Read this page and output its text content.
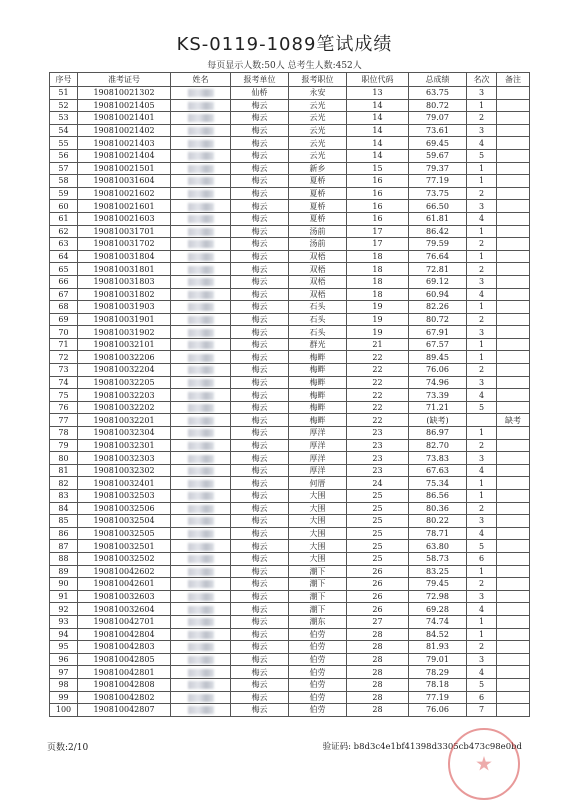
KS-0119-1089笔试成绩
每页显示人数:50人 总考生人数:452人
序号	准考证号	姓名	报考单位	报考职位	职位代码	总成绩	名次	备注
51	190810021302		仙桥	永安	13	63.75	3	
52	190810021405		梅云	云光	14	80.72	1	
53	190810021401		梅云	云光	14	79.07	2	
54	190810021402		梅云	云光	14	73.61	3	
55	190810021403		梅云	云光	14	69.45	4	
56	190810021404		梅云	云光	14	59.67	5	
57	190810021501		梅云	新乡	15	79.37	1	
58	190810031604		梅云	夏桥	16	77.19	1	
59	190810021602		梅云	夏桥	16	73.75	2	
60	190810021601		梅云	夏桥	16	66.50	3	
61	190810021603		梅云	夏桥	16	61.81	4	
62	190810031701		梅云	汤前	17	86.42	1	
63	190810031702		梅云	汤前	17	79.59	2	
64	190810031804		梅云	双梧	18	76.64	1	
65	190810031801		梅云	双梧	18	72.81	2	
66	190810031803		梅云	双梧	18	69.12	3	
67	190810031802		梅云	双梧	18	60.94	4	
68	190810031903		梅云	石头	19	82.26	1	
69	190810031901		梅云	石头	19	80.72	2	
70	190810031902		梅云	石头	19	67.91	3	
71	190810032101		梅云	群光	21	67.57	1	
72	190810032206		梅云	梅畔	22	89.45	1	
73	190810032204		梅云	梅畔	22	76.06	2	
74	190810032205		梅云	梅畔	22	74.96	3	
75	190810032203		梅云	梅畔	22	73.39	4	
76	190810032202		梅云	梅畔	22	71.21	5	
77	190810032201		梅云	梅畔	22	(缺考)		缺考
78	190810032304		梅云	厚洋	23	86.97	1	
79	190810032301		梅云	厚洋	23	82.70	2	
80	190810032303		梅云	厚洋	23	73.83	3	
81	190810032302		梅云	厚洋	23	67.63	4	
82	190810032401		梅云	何厝	24	75.34	1	
83	190810032503		梅云	大围	25	86.56	1	
84	190810032506		梅云	大围	25	80.36	2	
85	190810032504		梅云	大围	25	80.22	3	
86	190810032505		梅云	大围	25	78.71	4	
87	190810032501		梅云	大围	25	63.80	5	
88	190810032502		梅云	大围	25	58.73	6	
89	190810042602		梅云	潮下	26	83.25	1	
90	190810042601		梅云	潮下	26	79.45	2	
91	190810032603		梅云	潮下	26	72.98	3	
92	190810032604		梅云	潮下	26	69.28	4	
93	190810042701		梅云	潮东	27	74.74	1	
94	190810042804		梅云	伯劳	28	84.52	1	
95	190810042803		梅云	伯劳	28	81.93	2	
96	190810042805		梅云	伯劳	28	79.01	3	
97	190810042801		梅云	伯劳	28	78.29	4	
98	190810042808		梅云	伯劳	28	78.18	5	
99	190810042802		梅云	伯劳	28	77.19	6	
100	190810042807		梅云	伯劳	28	76.06	7	
页数:2/10	验证码: b8d3c4e1bf41398d3305cb473c98e0bd
